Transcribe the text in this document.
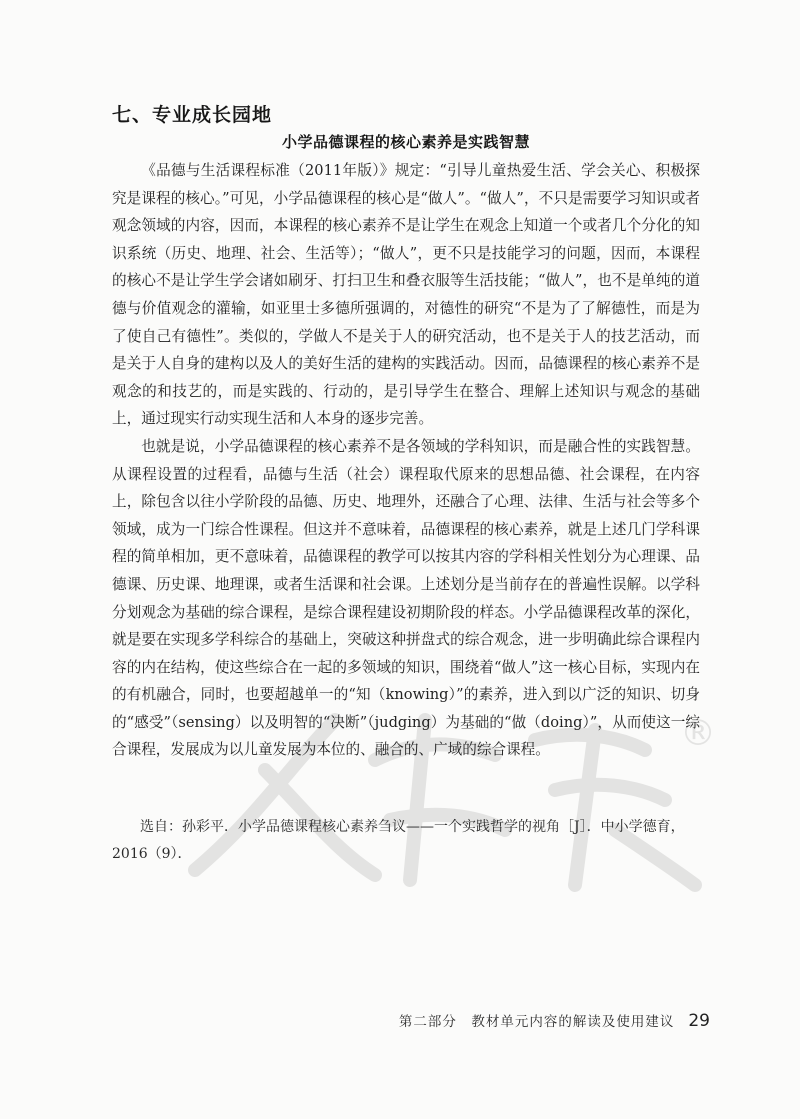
®
七、专业成长园地
小学品德课程的核心素养是实践智慧

《品德与生活课程标准（2011年版）》规定：“引导儿童热爱生活、学会关心、积极探究是课程的核心。”可见，小学品德课程的核心是“做人”。“做人”，不只是需要学习知识或者观念领域的内容，因而，本课程的核心素养不是让学生在观念上知道一个或者几个分化的知识系统（历史、地理、社会、生活等）；“做人”，更不只是技能学习的问题，因而，本课程的核心不是让学生学会诸如刷牙、打扫卫生和叠衣服等生活技能；“做人”，也不是单纯的道德与价值观念的灌输，如亚里士多德所强调的，对德性的研究“不是为了了解德性，而是为了使自己有德性”。类似的，学做人不是关于人的研究活动，也不是关于人的技艺活动，而是关于人自身的建构以及人的美好生活的建构的实践活动。因而，品德课程的核心素养不是观念的和技艺的，而是实践的、行动的，是引导学生在整合、理解上述知识与观念的基础上，通过现实行动实现生活和人本身的逐步完善。

也就是说，小学品德课程的核心素养不是各领域的学科知识，而是融合性的实践智慧。从课程设置的过程看，品德与生活（社会）课程取代原来的思想品德、社会课程，在内容上，除包含以往小学阶段的品德、历史、地理外，还融合了心理、法律、生活与社会等多个领域，成为一门综合性课程。但这并不意味着，品德课程的核心素养，就是上述几门学科课程的简单相加，更不意味着，品德课程的教学可以按其内容的学科相关性划分为心理课、品德课、历史课、地理课，或者生活课和社会课。上述划分是当前存在的普遍性误解。以学科分划观念为基础的综合课程，是综合课程建设初期阶段的样态。小学品德课程改革的深化，就是要在实现多学科综合的基础上，突破这种拼盘式的综合观念，进一步明确此综合课程内容的内在结构，使这些综合在一起的多领域的知识，围绕着“做人”这一核心目标，实现内在的有机融合，同时，也要超越单一的“知（knowing）”的素养，进入到以广泛的知识、切身的“感受”（sensing）以及明智的“决断”（judging）为基础的“做（doing）”，从而使这一综合课程，发展成为以儿童发展为本位的、融合的、广域的综合课程。

选自：孙彩平．小学品德课程核心素养刍议——一个实践哲学的视角［J］．中小学德育，2016（9）．
第二部分　教材单元内容的解读及使用建议 29
